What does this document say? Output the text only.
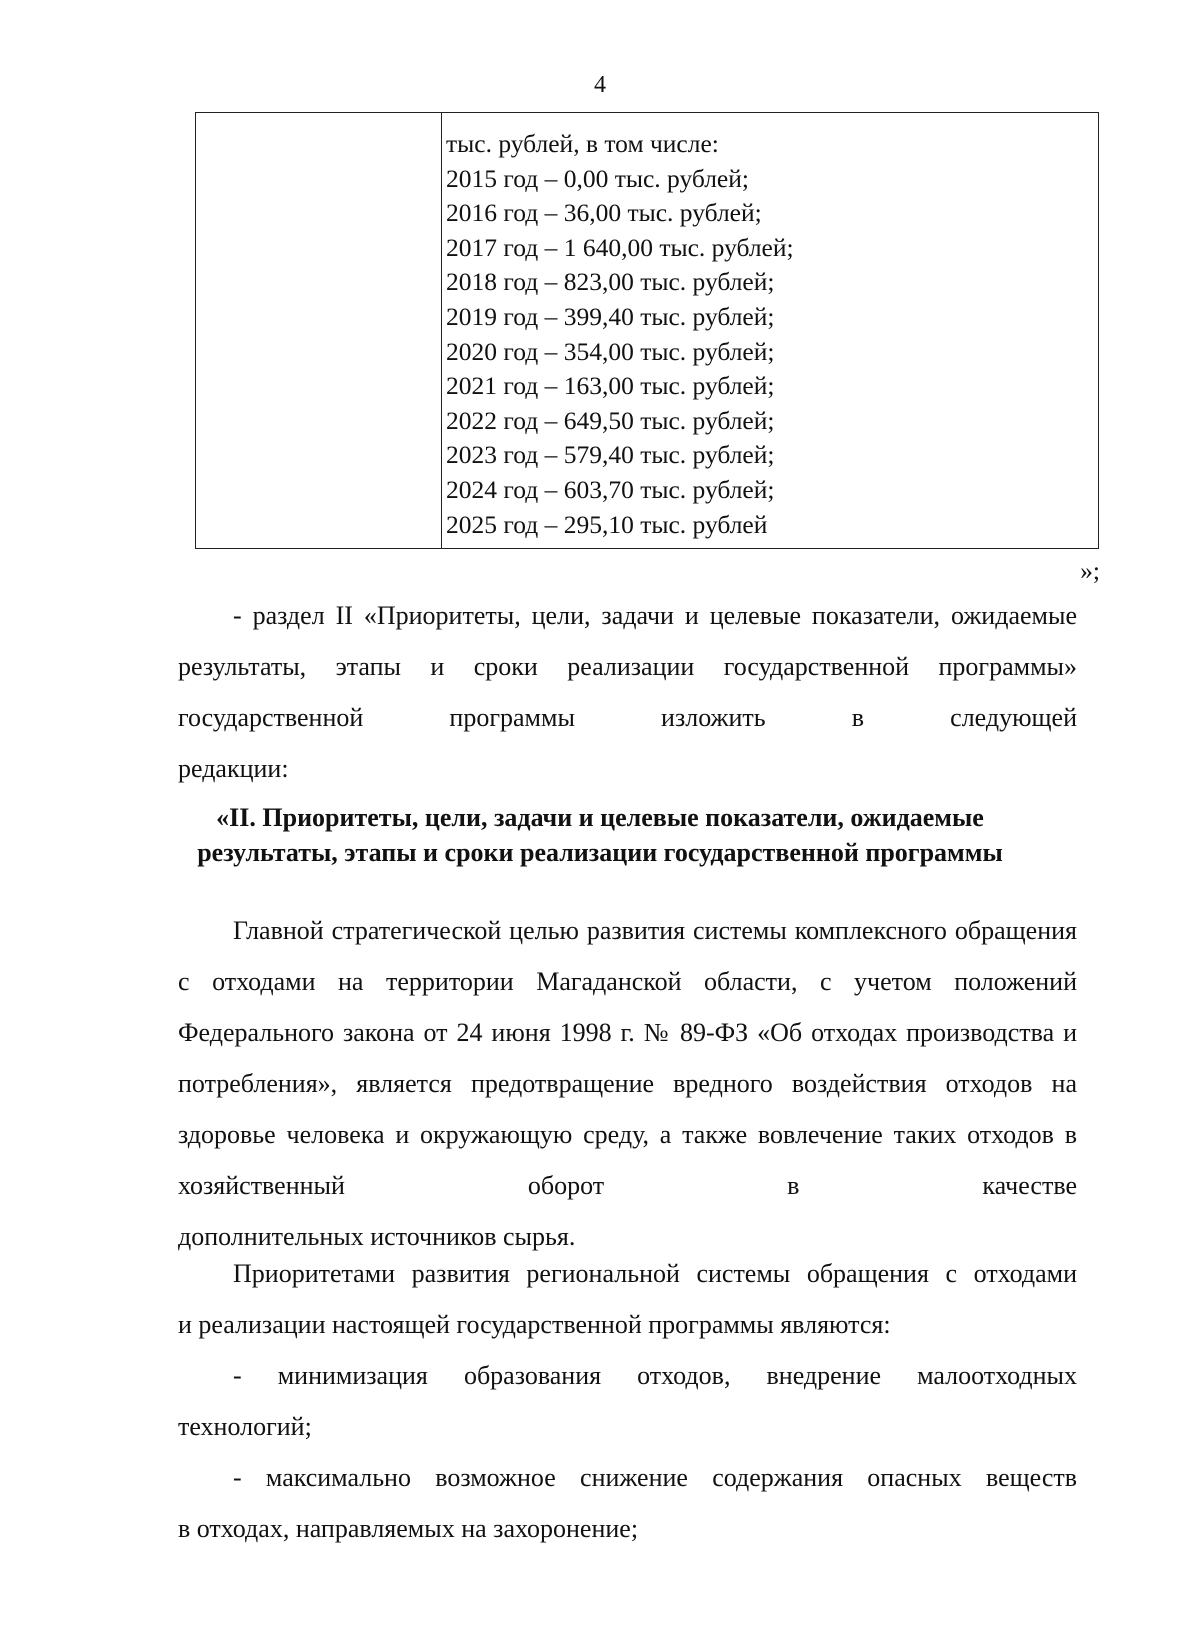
4
тыс. рублей, в том числе:
2015 год – 0,00 тыс. рублей;
2016 год – 36,00 тыс. рублей;
2017 год – 1 640,00 тыс. рублей;
2018 год – 823,00 тыс. рублей;
2019 год – 399,40 тыс. рублей;
2020 год – 354,00 тыс. рублей;
2021 год – 163,00 тыс. рублей;
2022 год – 649,50 тыс. рублей;
2023 год – 579,40 тыс. рублей;
2024 год – 603,70 тыс. рублей;
2025 год – 295,10 тыс. рублей
»;
- раздел II «Приоритеты, цели, задачи и целевые показатели, ожидаемые результаты, этапы и сроки реализации государственной программы» государственной программы изложить в следующей
редакции:
«II. Приоритеты, цели, задачи и целевые показатели, ожидаемые
результаты, этапы и сроки реализации государственной программы
Главной стратегической целью развития системы комплексного обращения с отходами на территории Магаданской области, с учетом положений Федерального закона от 24 июня 1998 г. № 89-ФЗ «Об отходах производства и потребления», является предотвращение вредного воздействия отходов на здоровье человека и окружающую среду, а также вовлечение таких отходов в хозяйственный оборот в качестве
дополнительных источников сырья.
Приоритетами развития региональной системы обращения с отходами
и реализации настоящей государственной программы являются:
- минимизация образования отходов, внедрение малоотходных
технологий;
- максимально возможное снижение содержания опасных веществ
в отходах, направляемых на захоронение;
